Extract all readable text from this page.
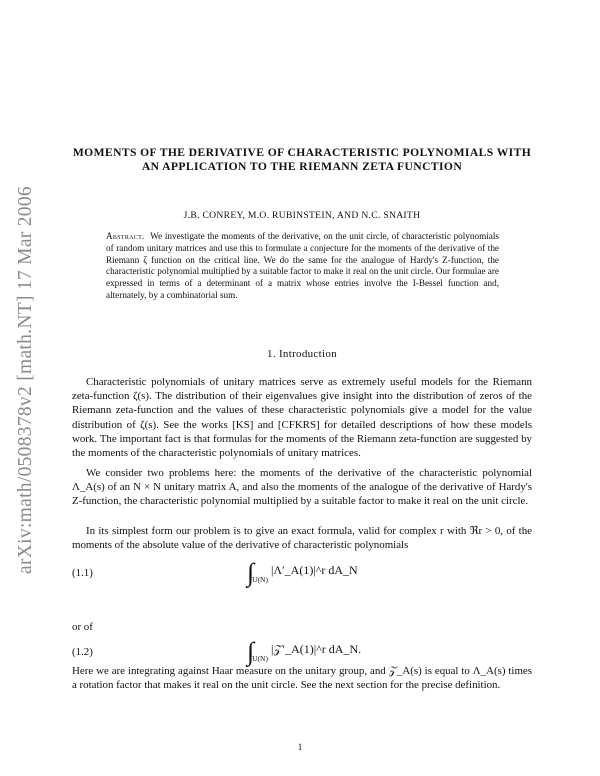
arXiv:math/0508378v2 [math.NT] 17 Mar 2006
MOMENTS OF THE DERIVATIVE OF CHARACTERISTIC POLYNOMIALS WITH AN APPLICATION TO THE RIEMANN ZETA FUNCTION
J.B. CONREY, M.O. RUBINSTEIN, AND N.C. SNAITH
Abstract. We investigate the moments of the derivative, on the unit circle, of characteristic polynomials of random unitary matrices and use this to formulate a conjecture for the moments of the derivative of the Riemann ζ function on the critical line. We do the same for the analogue of Hardy's Z-function, the characteristic polynomial multiplied by a suitable factor to make it real on the unit circle. Our formulae are expressed in terms of a determinant of a matrix whose entries involve the I-Bessel function and, alternately, by a combinatorial sum.
1. Introduction
Characteristic polynomials of unitary matrices serve as extremely useful models for the Riemann zeta-function ζ(s). The distribution of their eigenvalues give insight into the distribution of zeros of the Riemann zeta-function and the values of these characteristic polynomials give a model for the value distribution of ζ(s). See the works [KS] and [CFKRS] for detailed descriptions of how these models work. The important fact is that formulas for the moments of the Riemann zeta-function are suggested by the moments of the characteristic polynomials of unitary matrices.
We consider two problems here: the moments of the derivative of the characteristic polynomial Λ_A(s) of an N × N unitary matrix A, and also the moments of the analogue of the derivative of Hardy's Z-function, the characteristic polynomial multiplied by a suitable factor to make it real on the unit circle.
In its simplest form our problem is to give an exact formula, valid for complex r with ℜr > 0, of the moments of the absolute value of the derivative of characteristic polynomials
(1.1)	$\int_{U(N)}$ |Λ′_A(1)|^r dA_N
or of
(1.2)	$\int_{U(N)}$ |𝒵′_A(1)|^r dA_N.
Here we are integrating against Haar measure on the unitary group, and 𝒵_A(s) is equal to Λ_A(s) times a rotation factor that makes it real on the unit circle. See the next section for the precise definition.
1
